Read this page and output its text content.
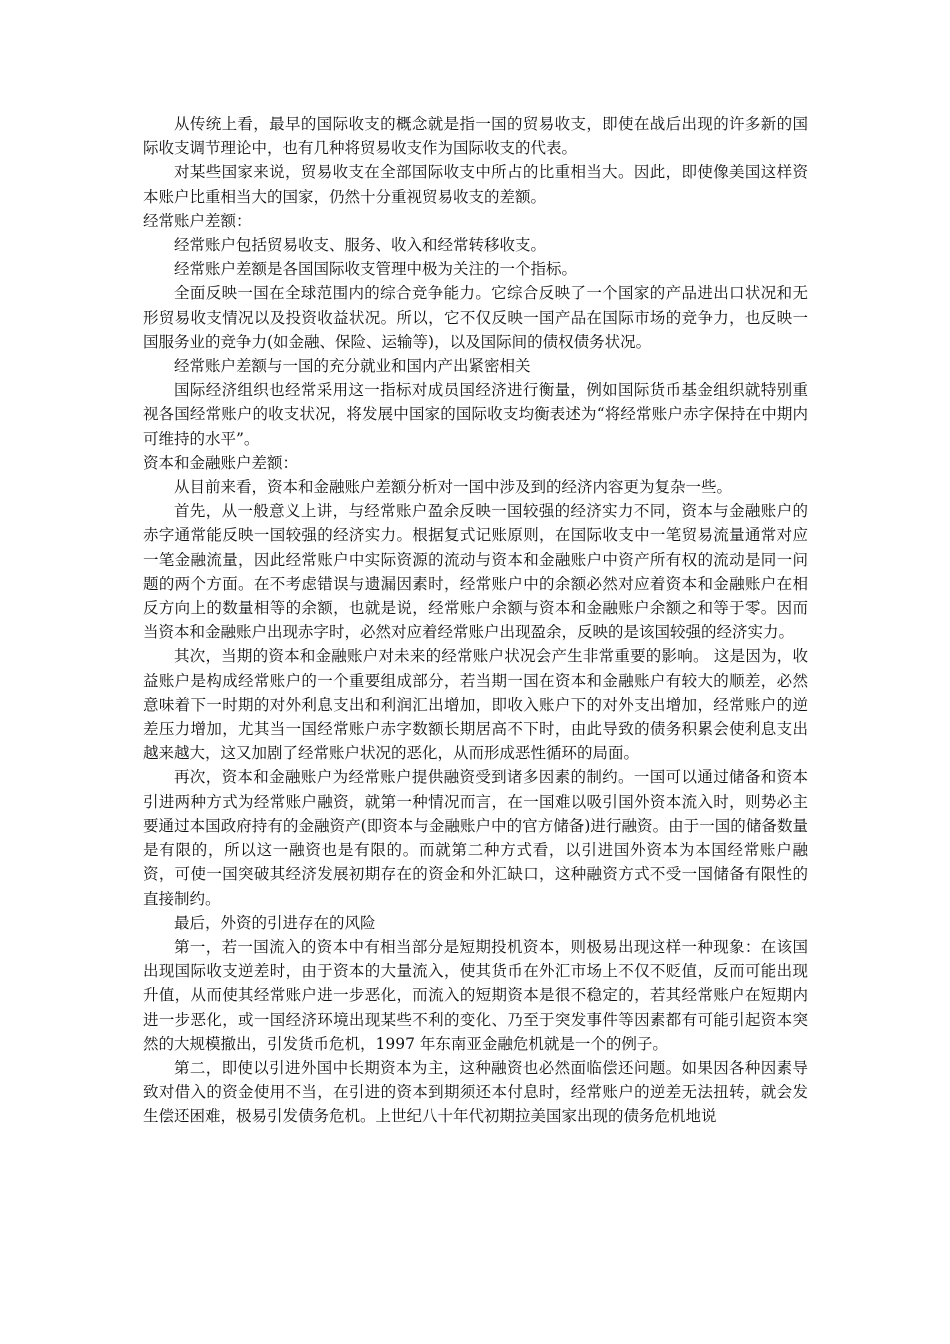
从传统上看，最早的国际收支的概念就是指一国的贸易收支，即使在战后出现的许多新的国际收支调节理论中，也有几种将贸易收支作为国际收支的代表。

对某些国家来说，贸易收支在全部国际收支中所占的比重相当大。因此，即使像美国这样资本账户比重相当大的国家，仍然十分重视贸易收支的差额。

经常账户差额：

经常账户包括贸易收支、服务、收入和经常转移收支。

经常账户差额是各国国际收支管理中极为关注的一个指标。

全面反映一国在全球范围内的综合竞争能力。它综合反映了一个国家的产品进出口状况和无形贸易收支情况以及投资收益状况。所以，它不仅反映一国产品在国际市场的竞争力，也反映一国服务业的竞争力(如金融、保险、运输等)，以及国际间的债权债务状况。

经常账户差额与一国的充分就业和国内产出紧密相关

国际经济组织也经常采用这一指标对成员国经济进行衡量，例如国际货币基金组织就特别重视各国经常账户的收支状况，将发展中国家的国际收支均衡表述为“将经常账户赤字保持在中期内可维持的水平”。

资本和金融账户差额：

从目前来看，资本和金融账户差额分析对一国中涉及到的经济内容更为复杂一些。

首先，从一般意义上讲，与经常账户盈余反映一国较强的经济实力不同，资本与金融账户的赤字通常能反映一国较强的经济实力。根据复式记账原则，在国际收支中一笔贸易流量通常对应一笔金融流量，因此经常账户中实际资源的流动与资本和金融账户中资产所有权的流动是同一问题的两个方面。在不考虑错误与遗漏因素时，经常账户中的余额必然对应着资本和金融账户在相反方向上的数量相等的余额，也就是说，经常账户余额与资本和金融账户余额之和等于零。因而当资本和金融账户出现赤字时，必然对应着经常账户出现盈余，反映的是该国较强的经济实力。

其次，当期的资本和金融账户对未来的经常账户状况会产生非常重要的影响。 这是因为，收益账户是构成经常账户的一个重要组成部分，若当期一国在资本和金融账户有较大的顺差，必然意味着下一时期的对外利息支出和利润汇出增加，即收入账户下的对外支出增加，经常账户的逆差压力增加，尤其当一国经常账户赤字数额长期居高不下时，由此导致的债务积累会使利息支出越来越大，这又加剧了经常账户状况的恶化，从而形成恶性循环的局面。

再次，资本和金融账户为经常账户提供融资受到诸多因素的制约。一国可以通过储备和资本引进两种方式为经常账户融资，就第一种情况而言，在一国难以吸引国外资本流入时，则势必主要通过本国政府持有的金融资产(即资本与金融账户中的官方储备)进行融资。由于一国的储备数量是有限的，所以这一融资也是有限的。而就第二种方式看，以引进国外资本为本国经常账户融资，可使一国突破其经济发展初期存在的资金和外汇缺口，这种融资方式不受一国储备有限性的直接制约。

最后，外资的引进存在的风险

第一，若一国流入的资本中有相当部分是短期投机资本，则极易出现这样一种现象：在该国出现国际收支逆差时，由于资本的大量流入，使其货币在外汇市场上不仅不贬值，反而可能出现升值，从而使其经常账户进一步恶化，而流入的短期资本是很不稳定的，若其经常账户在短期内进一步恶化，或一国经济环境出现某些不利的变化、乃至于突发事件等因素都有可能引起资本突然的大规模撤出，引发货币危机，1997 年东南亚金融危机就是一个的例子。

第二，即使以引进外国中长期资本为主，这种融资也必然面临偿还问题。如果因各种因素导致对借入的资金使用不当，在引进的资本到期须还本付息时，经常账户的逆差无法扭转，就会发生偿还困难，极易引发债务危机。上世纪八十年代初期拉美国家出现的债务危机地说
